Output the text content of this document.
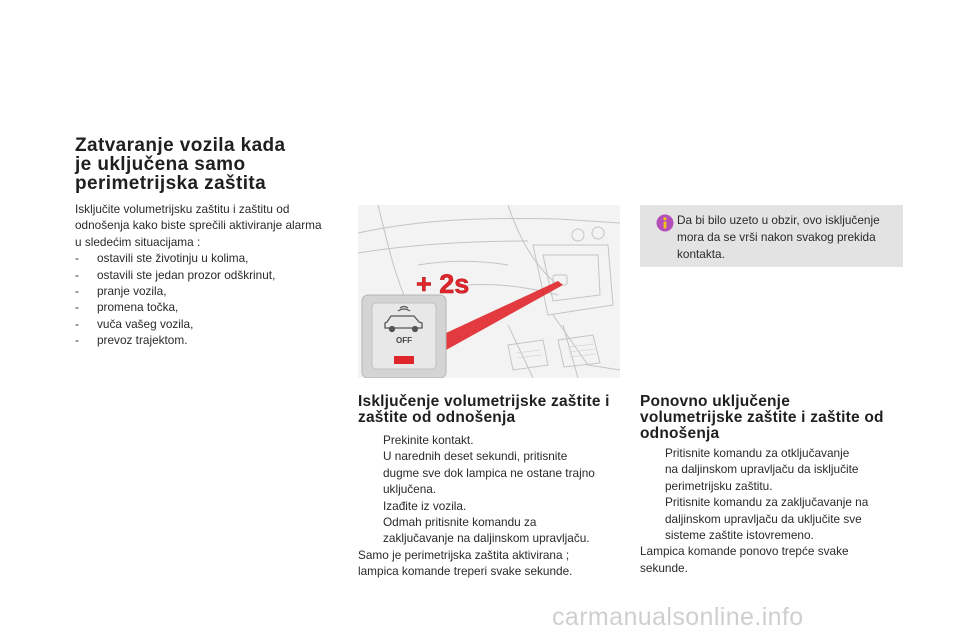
Zatvaranje vozila kada
je uključena samo
perimetrijska zaštita
Isključite volumetrijsku zaštitu i zaštitu od
odnošenja kako biste sprečili aktiviranje alarma
u sledećim situacijama :
- ostavili ste životinju u kolima,
- ostavili ste jedan prozor odškrinut,
- pranje vozila,
- promena točka,
- vuča vašeg vozila,
- prevoz trajektom.	OFF
+ 2s
Da bi bilo uzeto u obzir, ovo isključenje
mora da se vrši nakon svakog prekida
kontakta.
Isključenje volumetrijske zaštite i
zaštite od odnošenja
Prekinite kontakt.
U narednih deset sekundi, pritisnite
dugme sve dok lampica ne ostane trajno
uključena.
Izađite iz vozila.
Odmah pritisnite komandu za
zaključavanje na daljinskom upravljaču.
Samo je perimetrijska zaštita aktivirana ;
lampica komande treperi svake sekunde.
Ponovno uključenje
volumetrijske zaštite i zaštite od
odnošenja
Pritisnite komandu za otključavanje
na daljinskom upravljaču da isključite
perimetrijsku zaštitu.
Pritisnite komandu za zaključavanje na
daljinskom upravljaču da uključite sve
sisteme zaštite istovremeno.
Lampica komande ponovo trepće svake
sekunde.
carmanualsonline.info
